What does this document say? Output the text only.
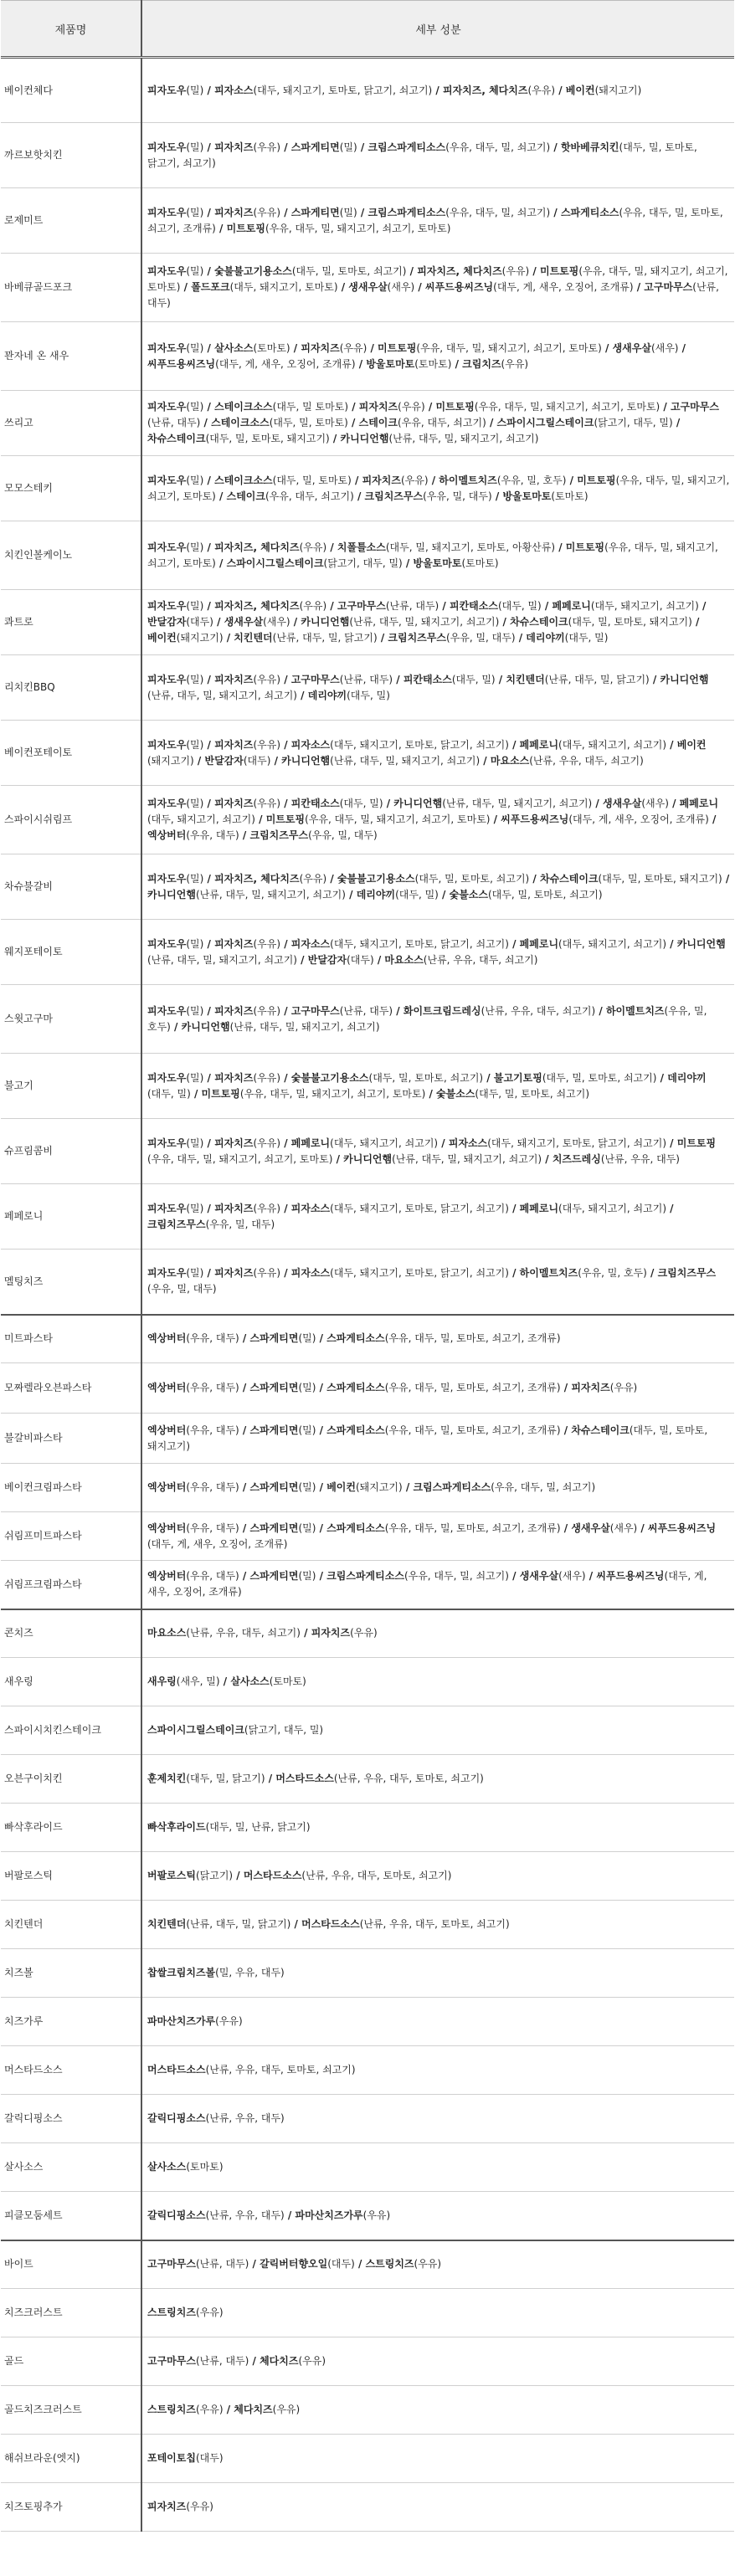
제품명	세부 성분
베이컨체다	피자도우(밀) / 피자소스(대두, 돼지고기, 토마토, 닭고기, 쇠고기) / 피자치즈, 체다치즈(우유) / 베이컨(돼지고기)
까르보핫치킨	피자도우(밀) / 피자치즈(우유) / 스파게티면(밀) / 크림스파게티소스(우유, 대두, 밀, 쇠고기) / 핫바베큐치킨(대두, 밀, 토마토, 닭고기, 쇠고기)
로제미트	피자도우(밀) / 피자치즈(우유) / 스파게티면(밀) / 크림스파게티소스(우유, 대두, 밀, 쇠고기) / 스파게티소스(우유, 대두, 밀, 토마토, 쇠고기, 조개류) / 미트토핑(우유, 대두, 밀, 돼지고기, 쇠고기, 토마토)
바베큐골드포크	피자도우(밀) / 숯불불고기용소스(대두, 밀, 토마토, 쇠고기) / 피자치즈, 체다치즈(우유) / 미트토핑(우유, 대두, 밀, 돼지고기, 쇠고기, 토마토) / 폴드포크(대두, 돼지고기, 토마토) / 생새우살(새우) / 씨푸드용씨즈닝(대두, 게, 새우, 오징어, 조개류) / 고구마무스(난류, 대두)
꽌자네 온 새우	피자도우(밀) / 살사소스(토마토) / 피자치즈(우유) / 미트토핑(우유, 대두, 밀, 돼지고기, 쇠고기, 토마토) / 생새우살(새우) / 씨푸드용씨즈닝(대두, 게, 새우, 오징어, 조개류) / 방울토마토(토마토) / 크림치즈(우유)
쓰리고	피자도우(밀) / 스테이크소스(대두, 밀 토마토) / 피자치즈(우유) / 미트토핑(우유, 대두, 밀, 돼지고기, 쇠고기, 토마토) / 고구마무스(난류, 대두) / 스테이크소스(대두, 밀, 토마토) / 스테이크(우유, 대두, 쇠고기) / 스파이시그릴스테이크(닭고기, 대두, 밀) / 차슈스테이크(대두, 밀, 토마토, 돼지고기) / 카니디언햄(난류, 대두, 밀, 돼지고기, 쇠고기)
모모스테키	피자도우(밀) / 스테이크소스(대두, 밀, 토마토) / 피자치즈(우유) / 하이멜트치즈(우유, 밀, 호두) / 미트토핑(우유, 대두, 밀, 돼지고기,쇠고기, 토마토) / 스테이크(우유, 대두, 쇠고기) / 크림치즈무스(우유, 밀, 대두) / 방울토마토(토마토)
치킨인볼케이노	피자도우(밀) / 피자치즈, 체다치즈(우유) / 치폴틀소스(대두, 밀, 돼지고기, 토마토, 아황산류) / 미트토핑(우유, 대두, 밀, 돼지고기, 쇠고기, 토마토) / 스파이시그릴스테이크(닭고기, 대두, 밀) / 방울토마토(토마토)
콰트로	피자도우(밀) / 피자치즈, 체다치즈(우유) / 고구마무스(난류, 대두) / 피칸태소스(대두, 밀) / 페페로니(대두, 돼지고기, 쇠고기) / 반달감자(대두) / 생새우살(새우) / 카니디언햄(난류, 대두, 밀, 돼지고기, 쇠고기) / 차슈스테이크(대두, 밀, 토마토, 돼지고기) / 베이컨(돼지고기) / 치킨텐더(난류, 대두, 밀, 닭고기) / 크림치즈무스(우유, 밀, 대두) / 데리야끼(대두, 밀)
리치킨BBQ	피자도우(밀) / 피자치즈(우유) / 고구마무스(난류, 대두) / 피칸태소스(대두, 밀) / 치킨텐더(난류, 대두, 밀, 닭고기) / 카니디언햄(난류, 대두, 밀, 돼지고기, 쇠고기) / 데리야끼(대두, 밀)
베이컨포테이토	피자도우(밀) / 피자치즈(우유) / 피자소스(대두, 돼지고기, 토마토, 닭고기, 쇠고기) / 페페로니(대두, 돼지고기, 쇠고기) / 베이컨(돼지고기) / 반달감자(대두) / 카니디언햄(난류, 대두, 밀, 돼지고기, 쇠고기) / 마요소스(난류, 우유, 대두, 쇠고기)
스파이시쉬림프	피자도우(밀) / 피자치즈(우유) / 피칸태소스(대두, 밀) / 카니디언햄(난류, 대두, 밀, 돼지고기, 쇠고기) / 생새우살(새우) / 페페로니(대두, 돼지고기, 쇠고기) / 미트토핑(우유, 대두, 밀, 돼지고기, 쇠고기, 토마토) / 씨푸드용씨즈닝(대두, 게, 새우, 오징어, 조개류) / 엑상버터(우유, 대두) / 크림치즈무스(우유, 밀, 대두)
차슈불갈비	피자도우(밀) / 피자치즈, 체다치즈(우유) / 숯불불고기용소스(대두, 밀, 토마토, 쇠고기) / 차슈스테이크(대두, 밀, 토마토, 돼지고기) / 카니디언햄(난류, 대두, 밀, 돼지고기, 쇠고기) / 데리야끼(대두, 밀) / 숯불소스(대두, 밀, 토마토, 쇠고기)
웨지포테이토	피자도우(밀) / 피자치즈(우유) / 피자소스(대두, 돼지고기, 토마토, 닭고기, 쇠고기) / 페페로니(대두, 돼지고기, 쇠고기) / 카니디언햄(난류, 대두, 밀, 돼지고기, 쇠고기) / 반달감자(대두) / 마요소스(난류, 우유, 대두, 쇠고기)
스윗고구마	피자도우(밀) / 피자치즈(우유) / 고구마무스(난류, 대두) / 화이트크림드레싱(난류, 우유, 대두, 쇠고기) / 하이멜트치즈(우유, 밀, 호두) / 카니디언햄(난류, 대두, 밀, 돼지고기, 쇠고기)
불고기	피자도우(밀) / 피자치즈(우유) / 숯불불고기용소스(대두, 밀, 토마토, 쇠고기) / 불고기토핑(대두, 밀, 토마토, 쇠고기) / 데리야끼(대두, 밀) / 미트토핑(우유, 대두, 밀, 돼지고기, 쇠고기, 토마토) / 숯불소스(대두, 밀, 토마토, 쇠고기)
슈프림콤비	피자도우(밀) / 피자치즈(우유) / 페페로니(대두, 돼지고기, 쇠고기) / 피자소스(대두, 돼지고기, 토마토, 닭고기, 쇠고기) / 미트토핑(우유, 대두, 밀, 돼지고기, 쇠고기, 토마토) / 카니디언햄(난류, 대두, 밀, 돼지고기, 쇠고기) / 치즈드레싱(난류, 우유, 대두)
페페로니	피자도우(밀) / 피자치즈(우유) / 피자소스(대두, 돼지고기, 토마토, 닭고기, 쇠고기) / 페페로니(대두, 돼지고기, 쇠고기) / 크림치즈무스(우유, 밀, 대두)
멜팅치즈	피자도우(밀) / 피자치즈(우유) / 피자소스(대두, 돼지고기, 토마토, 닭고기, 쇠고기) / 하이멜트치즈(우유, 밀, 호두) / 크림치즈무스(우유, 밀, 대두)
미트파스타	엑상버터(우유, 대두) / 스파게티면(밀) / 스파게티소스(우유, 대두, 밀, 토마토, 쇠고기, 조개류)
모짜렐라오븐파스타	엑상버터(우유, 대두) / 스파게티면(밀) / 스파게티소스(우유, 대두, 밀, 토마토, 쇠고기, 조개류) / 피자치즈(우유)
불갈비파스타	엑상버터(우유, 대두) / 스파게티면(밀) / 스파게티소스(우유, 대두, 밀, 토마토, 쇠고기, 조개류) / 차슈스테이크(대두, 밀, 토마토, 돼지고기)
베이컨크림파스타	엑상버터(우유, 대두) / 스파게티면(밀) / 베이컨(돼지고기) / 크림스파게티소스(우유, 대두, 밀, 쇠고기)
쉬림프미트파스타	엑상버터(우유, 대두) / 스파게티면(밀) / 스파게티소스(우유, 대두, 밀, 토마토, 쇠고기, 조개류) / 생새우살(새우) / 씨푸드용씨즈닝(대두, 게, 새우, 오징어, 조개류)
쉬림프크림파스타	엑상버터(우유, 대두) / 스파게티면(밀) / 크림스파게티소스(우유, 대두, 밀, 쇠고기) / 생새우살(새우) / 씨푸드용씨즈닝(대두, 게, 새우, 오징어, 조개류)
콘치즈	마요소스(난류, 우유, 대두, 쇠고기) / 피자치즈(우유)
새우링	새우링(새우, 밀) / 살사소스(토마토)
스파이시치킨스테이크	스파이시그릴스테이크(닭고기, 대두, 밀)
오븐구이치킨	훈제치킨(대두, 밀, 닭고기) / 머스타드소스(난류, 우유, 대두, 토마토, 쇠고기)
빠삭후라이드	빠삭후라이드(대두, 밀, 난류, 닭고기)
버팔로스틱	버팔로스틱(닭고기) / 머스타드소스(난류, 우유, 대두, 토마토, 쇠고기)
치킨텐더	치킨텐더(난류, 대두, 밀, 닭고기) / 머스타드소스(난류, 우유, 대두, 토마토, 쇠고기)
치즈볼	찹쌀크림치즈볼(밀, 우유, 대두)
치즈가루	파마산치즈가루(우유)
머스타드소스	머스타드소스(난류, 우유, 대두, 토마토, 쇠고기)
갈릭디핑소스	갈릭디핑소스(난류, 우유, 대두)
살사소스	살사소스(토마토)
피클모둠세트	갈릭디핑소스(난류, 우유, 대두) / 파마산치즈가루(우유)
바이트	고구마무스(난류, 대두) / 갈릭버터향오일(대두) / 스트링치즈(우유)
치즈크러스트	스트링치즈(우유)
골드	고구마무스(난류, 대두) / 체다치즈(우유)
골드치즈크러스트	스트링치즈(우유) / 체다치즈(우유)
해쉬브라운(엣지)	포테이토칩(대두)
치즈토핑추가	피자치즈(우유)
